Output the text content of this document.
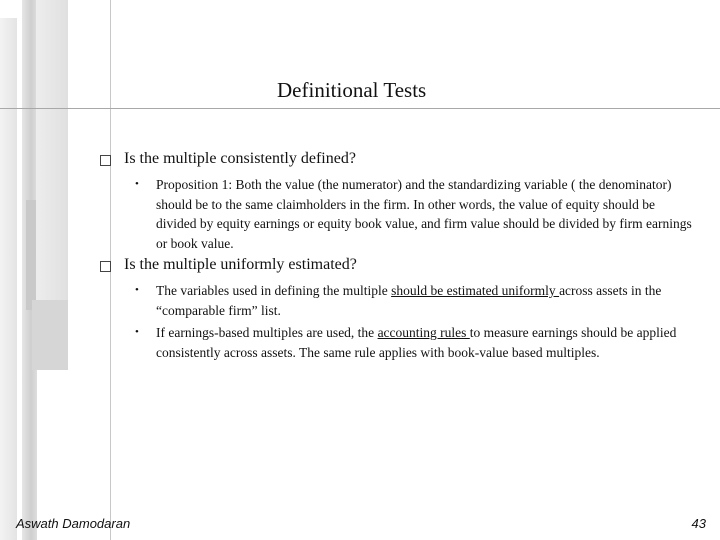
Definitional Tests
Is the multiple consistently defined?
•	Proposition 1: Both the value (the numerator) and the standardizing variable ( the denominator) should be to the same claimholders in the firm. In other words, the value of equity should be divided by equity earnings or equity book value, and firm value should be divided by firm earnings or book value.
Is the multiple uniformly estimated?
•	The variables used in defining the multiple should be estimated uniformly across assets in the “comparable firm” list.
•	If earnings-based multiples are used, the accounting rules to measure earnings should be applied consistently across assets. The same rule applies with book-value based multiples.
Aswath Damodaran	43
